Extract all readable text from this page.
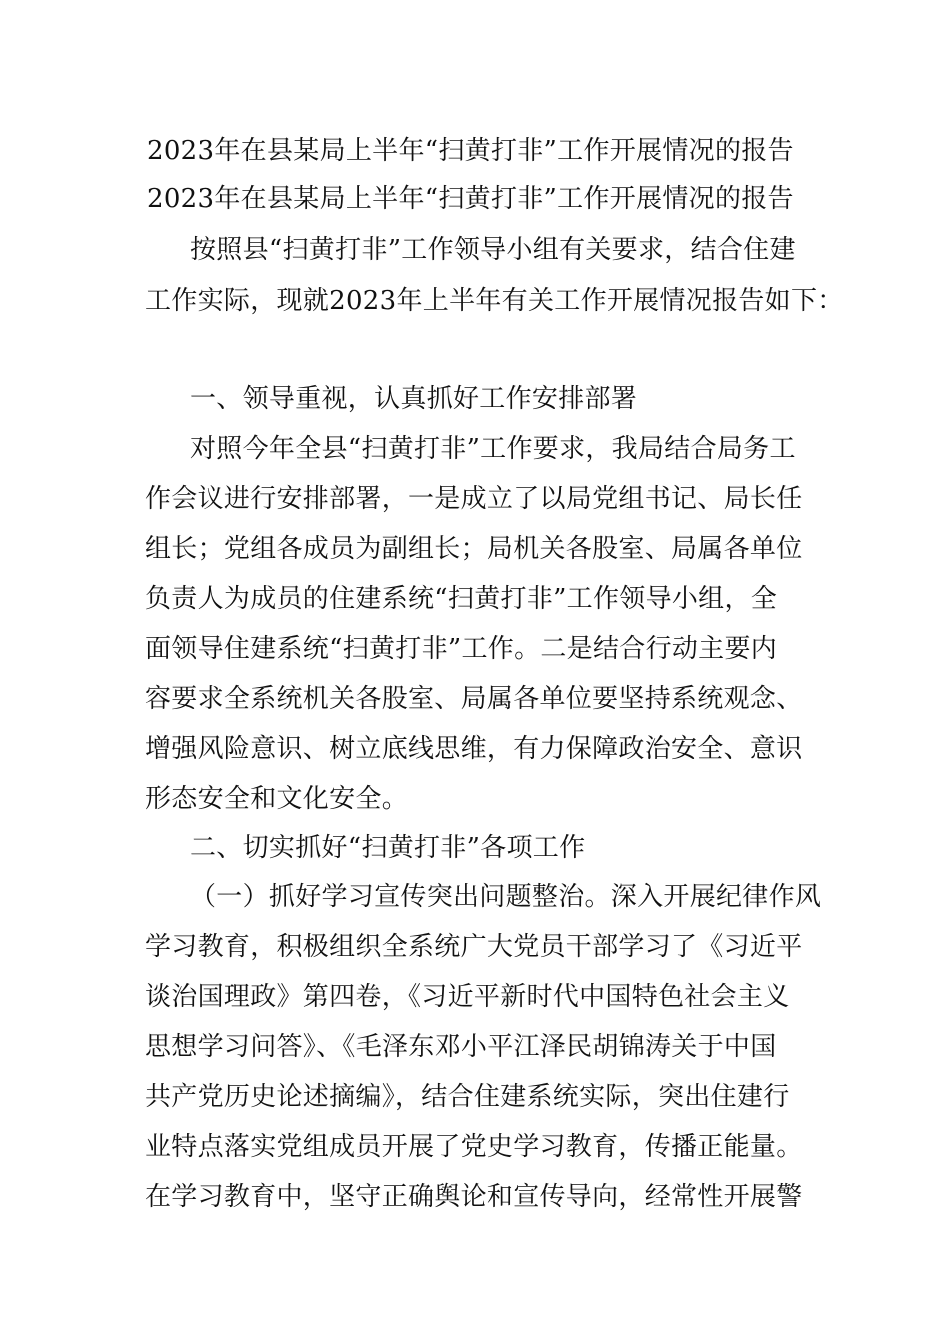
2023年在县某局上半年“扫黄打非”工作开展情况的报告
2023年在县某局上半年“扫黄打非”工作开展情况的报告
按照县“扫黄打非”工作领导小组有关要求，结合住建
工作实际，现就2023年上半年有关工作开展情况报告如下：
一、领导重视，认真抓好工作安排部署
对照今年全县“扫黄打非”工作要求，我局结合局务工
作会议进行安排部署，一是成立了以局党组书记、局长任
组长；党组各成员为副组长；局机关各股室、局属各单位
负责人为成员的住建系统“扫黄打非”工作领导小组，全
面领导住建系统“扫黄打非”工作。二是结合行动主要内
容要求全系统机关各股室、局属各单位要坚持系统观念、
增强风险意识、树立底线思维，有力保障政治安全、意识
形态安全和文化安全。
二、切实抓好“扫黄打非”各项工作
（一）抓好学习宣传突出问题整治。深入开展纪律作风
学习教育，积极组织全系统广大党员干部学习了《习近平
谈治国理政》第四卷，《习近平新时代中国特色社会主义
思想学习问答》、《毛泽东邓小平江泽民胡锦涛关于中国
共产党历史论述摘编》，结合住建系统实际，突出住建行
业特点落实党组成员开展了党史学习教育，传播正能量。
在学习教育中，坚守正确舆论和宣传导向，经常性开展警
